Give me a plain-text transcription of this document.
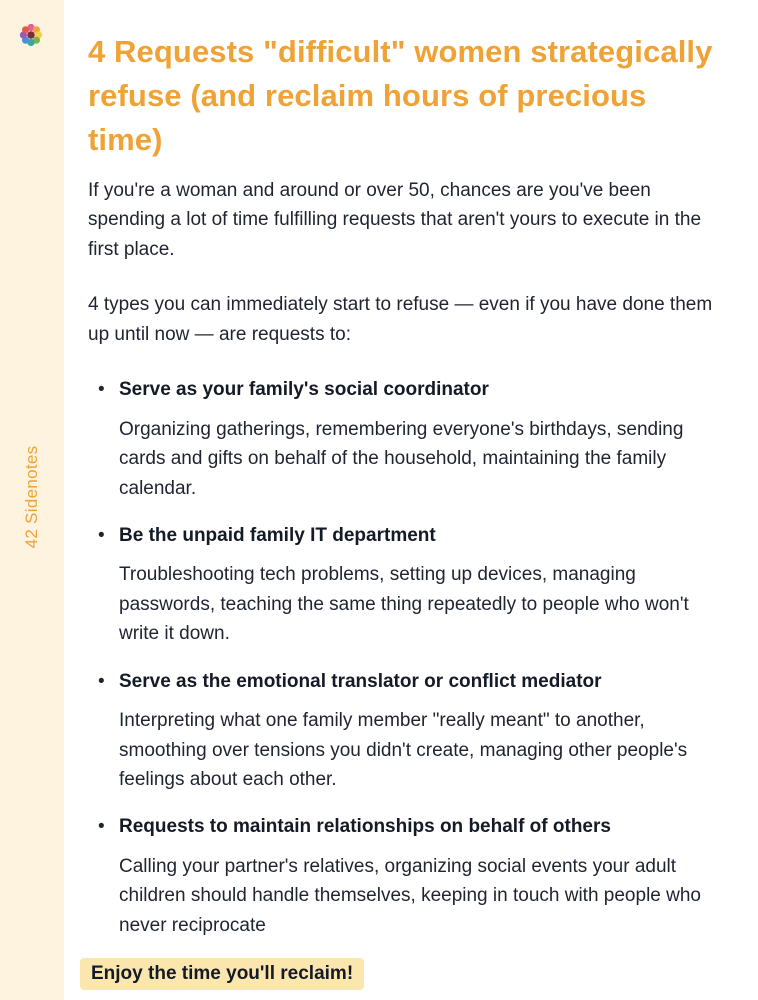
42 Sidenotes
4 Requests "difficult" women strategically refuse (and reclaim hours of precious time)

If you're a woman and around or over 50, chances are you've been spending a lot of time fulfilling requests that aren't yours to execute in the first place.

4 types you can immediately start to refuse — even if you have done them up until now — are requests to:

• Serve as your family's social coordinator

Organizing gatherings, remembering everyone's birthdays, sending cards and gifts on behalf of the household, maintaining the family calendar.

• Be the unpaid family IT department

Troubleshooting tech problems, setting up devices, managing passwords, teaching the same thing repeatedly to people who won't write it down.

• Serve as the emotional translator or conflict mediator

Interpreting what one family member "really meant" to another, smoothing over tensions you didn't create, managing other people's feelings about each other.

• Requests to maintain relationships on behalf of others

Calling your partner's relatives, organizing social events your adult children should handle themselves, keeping in touch with people who never reciprocate

Enjoy the time you'll reclaim!
